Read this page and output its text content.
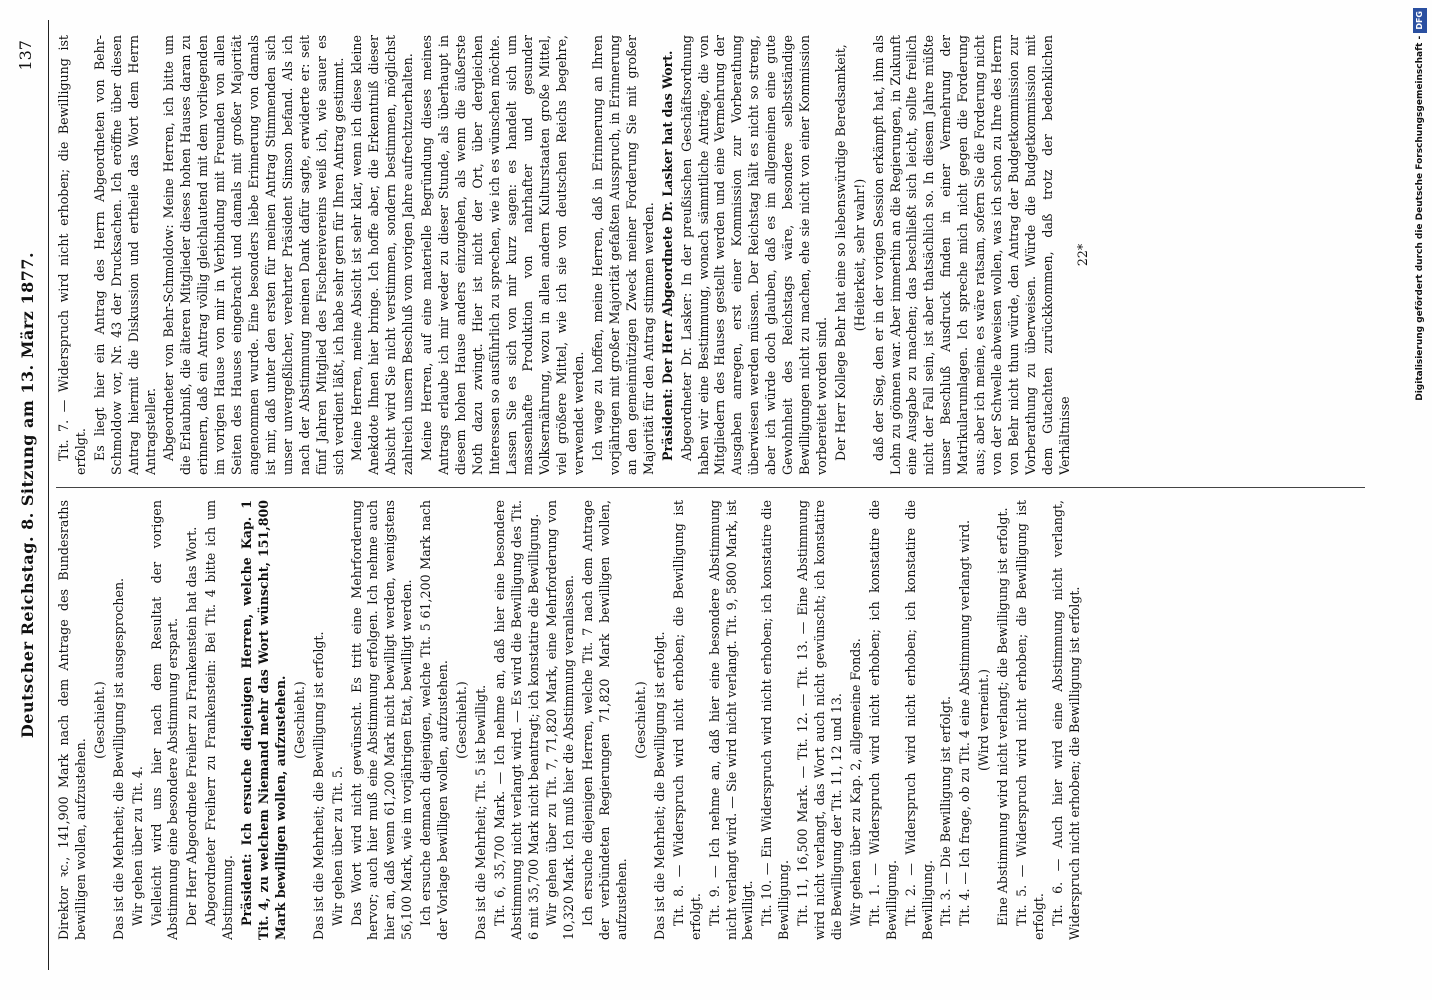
Deutscher Reichstag. 8. Sitzung am 13. März 1877.
137

Direktor ꝛc., 141,900 Mark nach dem Antrage des Bundesraths bewilligen wollen, aufzustehen.

(Geschieht.) Das ist die Mehrheit; die Bewilligung ist ausgesprochen. Wir gehen über zu Tit. 4. Vielleicht wird uns hier nach dem Resultat der vorigen Abstimmung eine besondere Abstimmung erspart. Der Herr Abgeordnete Freiherr zu Frankenstein hat das Wort. Abgeordneter Freiherr zu Frankenstein: Bei Tit. 4 bitte ich um Abstimmung. Präsident: Ich ersuche diejenigen Herren, welche Kap. 1 Tit. 4, zu welchem Niemand mehr das Wort wünscht, 151,800 Mark bewilligen wollen, aufzustehen. (Geschieht.) Das ist die Mehrheit; die Bewilligung ist erfolgt. Wir gehen über zu Tit. 5. Das Wort wird nicht gewünscht. Es tritt eine Mehrforderung hervor; auch hier muß eine Abstimmung erfolgen. Ich nehme auch hier an, daß wenn 61,200 Mark nicht bewilligt werden, wenigstens 56,100 Mark, wie im vorjährigen Etat, bewilligt werden. Ich ersuche demnach diejenigen, welche Tit. 5 61,200 Mark nach der Vorlage bewilligen wollen, aufzustehen. (Geschieht.) Das ist die Mehrheit; Tit. 5 ist bewilligt. Tit. 6, 35,700 Mark. — Ich nehme an, daß hier eine besondere Abstimmung nicht verlangt wird. — Es wird die Bewilligung des Tit. 6 mit 35,700 Mark nicht beantragt; ich konstatire die Bewilligung. Wir gehen über zu Tit. 7, 71,820 Mark, eine Mehrforderung von 10,320 Mark. Ich muß hier die Abstimmung veranlassen. Ich ersuche diejenigen Herren, welche Tit. 7 nach dem Antrage der verbündeten Regierungen 71,820 Mark bewilligen wollen, aufzustehen.

(Geschieht.) Das ist die Mehrheit; die Bewilligung ist erfolgt. Tit. 8. — Widerspruch wird nicht erhoben; die Bewilligung ist erfolgt. Tit. 9. — Ich nehme an, daß hier eine besondere Abstimmung nicht verlangt wird. — Sie wird nicht verlangt. Tit. 9, 5800 Mark, ist bewilligt. Tit. 10. — Ein Widerspruch wird nicht erhoben; ich konstatire die Bewilligung. Tit. 11, 16,500 Mark. — Tit. 12. — Tit. 13. — Eine Abstimmung wird nicht verlangt, das Wort auch nicht gewünscht; ich konstatire die Bewilligung der Tit. 11, 12 und 13. Wir gehen über zu Kap. 2, allgemeine Fonds. Tit. 1. — Widerspruch wird nicht erhoben; ich konstatire die Bewilligung. Tit. 2. — Widerspruch wird nicht erhoben; ich konstatire die Bewilligung. Tit. 3. — Die Bewilligung ist erfolgt. Tit. 4. — Ich frage, ob zu Tit. 4 eine Abstimmung verlangt wird. (Wird verneint.) Eine Abstimmung wird nicht verlangt; die Bewilligung ist erfolgt. Tit. 5. — Widerspruch wird nicht erhoben; die Bewilligung ist erfolgt. Tit. 6. — Auch hier wird eine Abstimmung nicht verlangt, Widerspruch nicht erhoben; die Bewilligung ist erfolgt.

Tit. 7. — Widerspruch wird nicht erhoben; die Bewilligung ist erfolgt. Es liegt hier ein Antrag des Herrn Abgeordneten von Behr-Schmoldow vor, Nr. 43 der Drucksachen. Ich eröffne über diesen Antrag hiermit die Diskussion und ertheile das Wort dem Herrn Antragsteller. Abgeordneter von Behr-Schmoldow: Meine Herren, ich bitte um die Erlaubniß, die älteren Mitglieder dieses hohen Hauses daran zu erinnern, daß ein Antrag völlig gleichlautend mit dem vorliegenden im vorigen Hause von mir in Verbindung mit Freunden von allen Seiten des Hauses eingebracht und damals mit großer Majorität angenommen wurde. Eine besonders liebe Erinnerung von damals ist mir, daß unter den ersten für meinen Antrag Stimmenden sich unser unvergeßlicher, verehrter Präsident Simson befand. Als ich nach der Abstimmung meinen Dank dafür sagte, erwiderte er: seit fünf Jahren Mitglied des Fischereivereins weiß ich, wie sauer es sich verdient läßt, ich habe sehr gern für Ihren Antrag gestimmt. Meine Herren, meine Absicht ist sehr klar, wenn ich diese kleine Anekdote Ihnen hier bringe. Ich hoffe aber, die Erkenntniß dieser Absicht wird Sie nicht verstimmen, sondern bestimmen, möglichst zahlreich unsern Beschluß vom vorigen Jahre aufrechtzuerhalten. Meine Herren, auf eine materielle Begründung dieses meines Antrags erlaube ich mir weder zu dieser Stunde, als überhaupt in diesem hohen Hause anders einzugehen, als wenn die äußerste Noth dazu zwingt. Hier ist nicht der Ort, über dergleichen Interessen so ausführlich zu sprechen, wie ich es wünschen möchte. Lassen Sie es sich von mir kurz sagen: es handelt sich um massenhafte Produktion von nahrhafter und gesunder Volksernährung, wozu in allen andern Kulturstaaten große Mittel, viel größere Mittel, wie ich sie von deutschen Reichs begehre, verwendet werden. Ich wage zu hoffen, meine Herren, daß in Erinnerung an Ihren vorjährigen mit großer Majorität gefaßten Ausspruch, in Erinnerung an den gemeinnützigen Zweck meiner Forderung Sie mit großer Majorität für den Antrag stimmen werden. Präsident: Der Herr Abgeordnete Dr. Lasker hat das Wort. Abgeordneter Dr. Lasker: In der preußischen Geschäftsordnung haben wir eine Bestimmung, wonach sämmtliche Anträge, die von Mitgliedern des Hauses gestellt werden und eine Vermehrung der Ausgaben anregen, erst einer Kommission zur Vorberathung überwiesen werden müssen. Der Reichstag hält es nicht so streng, aber ich würde doch glauben, daß es im allgemeinen eine gute Gewohnheit des Reichstags wäre, besondere selbstständige Bewilligungen nicht zu machen, ehe sie nicht von einer Kommission vorbereitet worden sind. Der Herr Kollege Behr hat eine so liebenswürdige Beredsamkeit, (Heiterkeit, sehr wahr!) daß der Sieg, den er in der vorigen Session erkämpft hat, ihm als Lohn zu gönnen war. Aber immerhin an die Regierungen, in Zukunft eine Ausgabe zu machen; das beschließt sich leicht, sollte freilich nicht der Fall sein, ist aber thatsächlich so. In diesem Jahre müßte unser Beschluß Ausdruck finden in einer Vermehrung der Matrikularumlagen. Ich spreche mich nicht gegen die Forderung aus; aber ich meine, es wäre ratsam, sofern Sie die Forderung nicht von der Schwelle abweisen wollen, was ich schon zu Ihre des Herrn von Behr nicht thun würde, den Antrag der Budgetkommission zur Vorberathung zu überweisen. Würde die Budgetkommission mit dem Gutachten zurückkommen, daß trotz der bedenklichen Verhältnisse

22*	Digitalisierung gefördert durch die Deutsche Forschungsgemeinschaft - DFG
